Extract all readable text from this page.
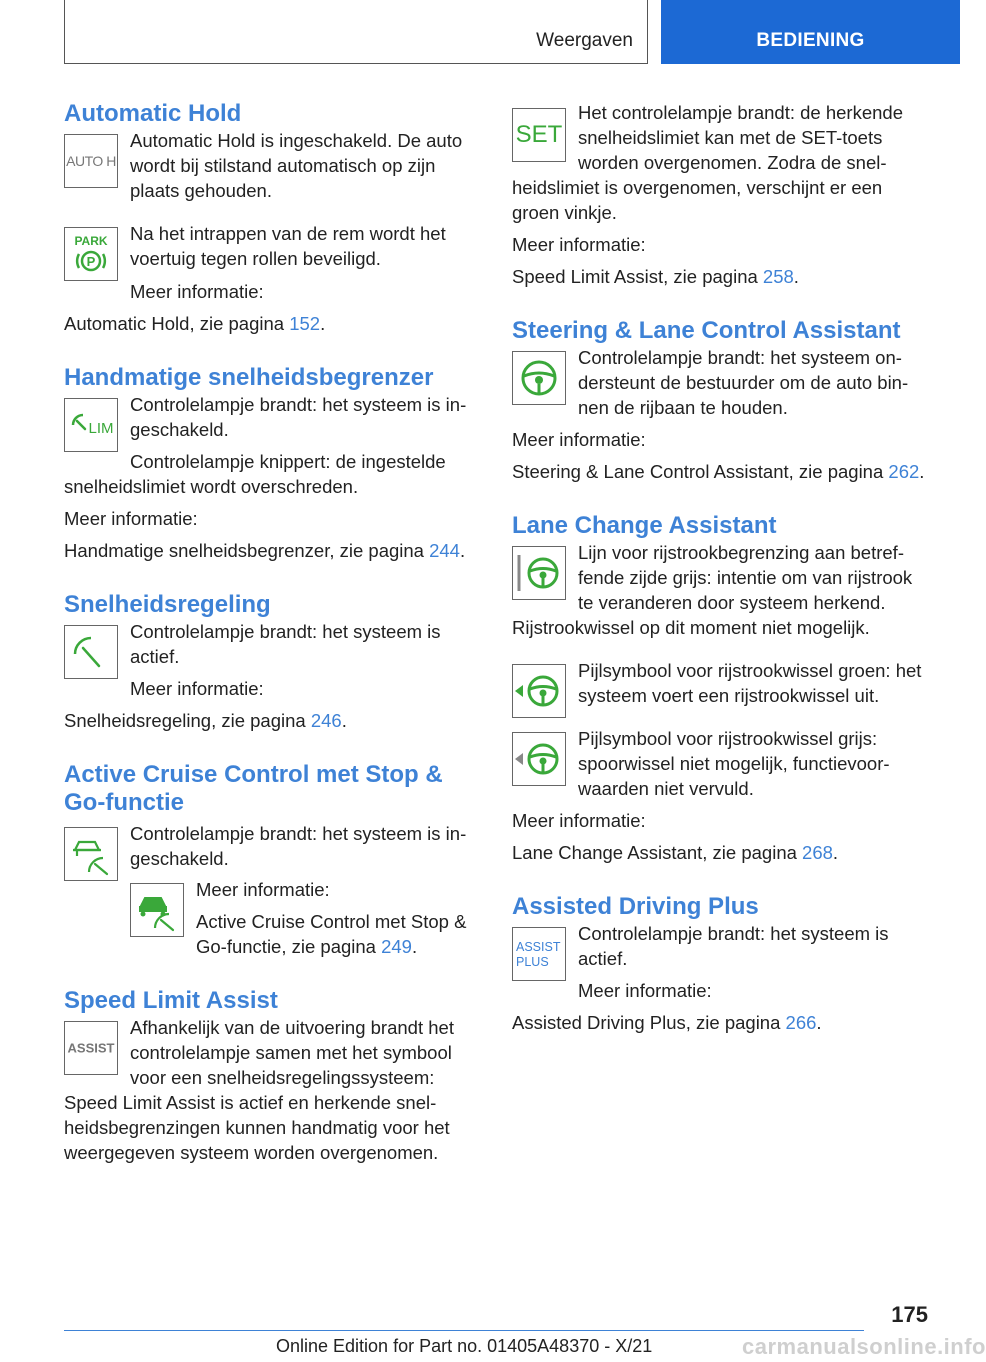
Weergaven	BEDIENING
Automatic Hold
AUTO H

Automatic Hold is ingeschakeld. De auto wordt bij stilstand automatisch op zijn plaats gehouden.

PARK
P

Na het intrappen van de rem wordt het voertuig tegen rollen beveiligd.

Meer informatie:

Automatic Hold, zie pagina 152.

Handmatige snelheidsbegrenzer
LIM

Controlelampje brandt: het systeem is ingeschakeld.

Controlelampje knippert: de ingestelde snelheidslimiet wordt overschreden.

Meer informatie:

Handmatige snelheidsbegrenzer, zie pagina 244.

Snelheidsregeling

Controlelampje brandt: het systeem is actief.

Meer informatie:

Snelheidsregeling, zie pagina 246.

Active Cruise Control met Stop & Go-functie

Controlelampje brandt: het systeem is ingeschakeld.

Meer informatie:

Active Cruise Control met Stop & Go-functie, zie pagina 249.

Speed Limit Assist
ASSIST

Afhankelijk van de uitvoering brandt het controlelampje samen met het symbool voor een snelheidsregelingssysteem: Speed Limit Assist is actief en herkende snelheidsbegrenzingen kunnen handmatig voor het weergegeven systeem worden overgenomen.

SET

Het controlelampje brandt: de herkende snelheidslimiet kan met de SET-toets worden overgenomen. Zodra de snelheidslimiet is overgenomen, verschijnt er een groen vinkje.

Meer informatie:

Speed Limit Assist, zie pagina 258.

Steering & Lane Control Assistant

Controlelampje brandt: het systeem ondersteunt de bestuurder om de auto binnen de rijbaan te houden.

Meer informatie:

Steering & Lane Control Assistant, zie pagina 262.

Lane Change Assistant

Lijn voor rijstrookbegrenzing aan betreffende zijde grijs: intentie om van rijstrook te veranderen door systeem herkend. Rijstrookwissel op dit moment niet mogelijk.

Pijlsymbool voor rijstrookwissel groen: het systeem voert een rijstrookwissel uit.

Pijlsymbool voor rijstrookwissel grijs: spoorwissel niet mogelijk, functievoorwaarden niet vervuld.

Meer informatie:

Lane Change Assistant, zie pagina 268.

Assisted Driving Plus
ASSIST
PLUS

Controlelampje brandt: het systeem is actief.

Meer informatie:

Assisted Driving Plus, zie pagina 266.

175
Online Edition for Part no. 01405A48370 - X/21	carmanualsonline.info
